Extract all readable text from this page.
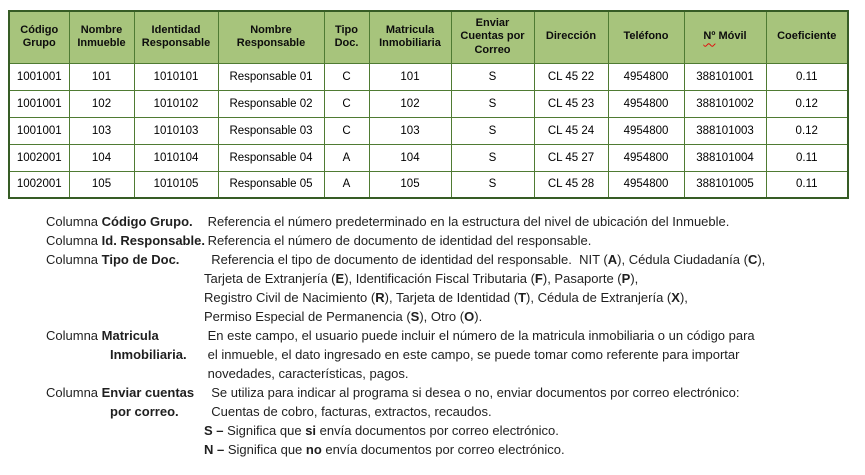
Código Grupo	Nombre Inmueble	Identidad Responsable	Nombre Responsable	Tipo Doc.	Matricula Inmobiliaria	Enviar Cuentas por Correo	Dirección	Teléfono	Nº Móvil	Coeficiente
1001001	101	1010101	Responsable 01	C	101	S	CL 45 22	4954800	388101001	0.11
1001001	102	1010102	Responsable 02	C	102	S	CL 45 23	4954800	388101002	0.12
1001001	103	1010103	Responsable 03	C	103	S	CL 45 24	4954800	388101003	0.12
1002001	104	1010104	Responsable 04	A	104	S	CL 45 27	4954800	388101004	0.11
1002001	105	1010105	Responsable 05	A	105	S	CL 45 28	4954800	388101005	0.11
Columna Código Grupo. Referencia el número predeterminado en la estructura del nivel de ubicación del Inmueble.
Columna Id. Responsable. Referencia el número de documento de identidad del responsable.
Columna Tipo de Doc.	Referencia el tipo de documento de identidad del responsable.  NIT (A), Cédula Ciudadanía (C),
Tarjeta de Extranjería (E), Identificación Fiscal Tributaria (F), Pasaporte (P),
Registro Civil de Nacimiento (R), Tarjeta de Identidad (T), Cédula de Extranjería (X),
Permiso Especial de Permanencia (S), Otro (O).
Columna Matricula
Inmobiliaria.
En este campo, el usuario puede incluir el número de la matricula inmobiliaria o un código para
el inmueble, el dato ingresado en este campo, se puede tomar como referente para importar
novedades, características, pagos.
Columna Enviar cuentas
por correo.
Se utiliza para indicar al programa si desea o no, enviar documentos por correo electrónico:
Cuentas de cobro, facturas, extractos, recaudos.
S – Significa que si envía documentos por correo electrónico.
N – Significa que no envía documentos por correo electrónico.
